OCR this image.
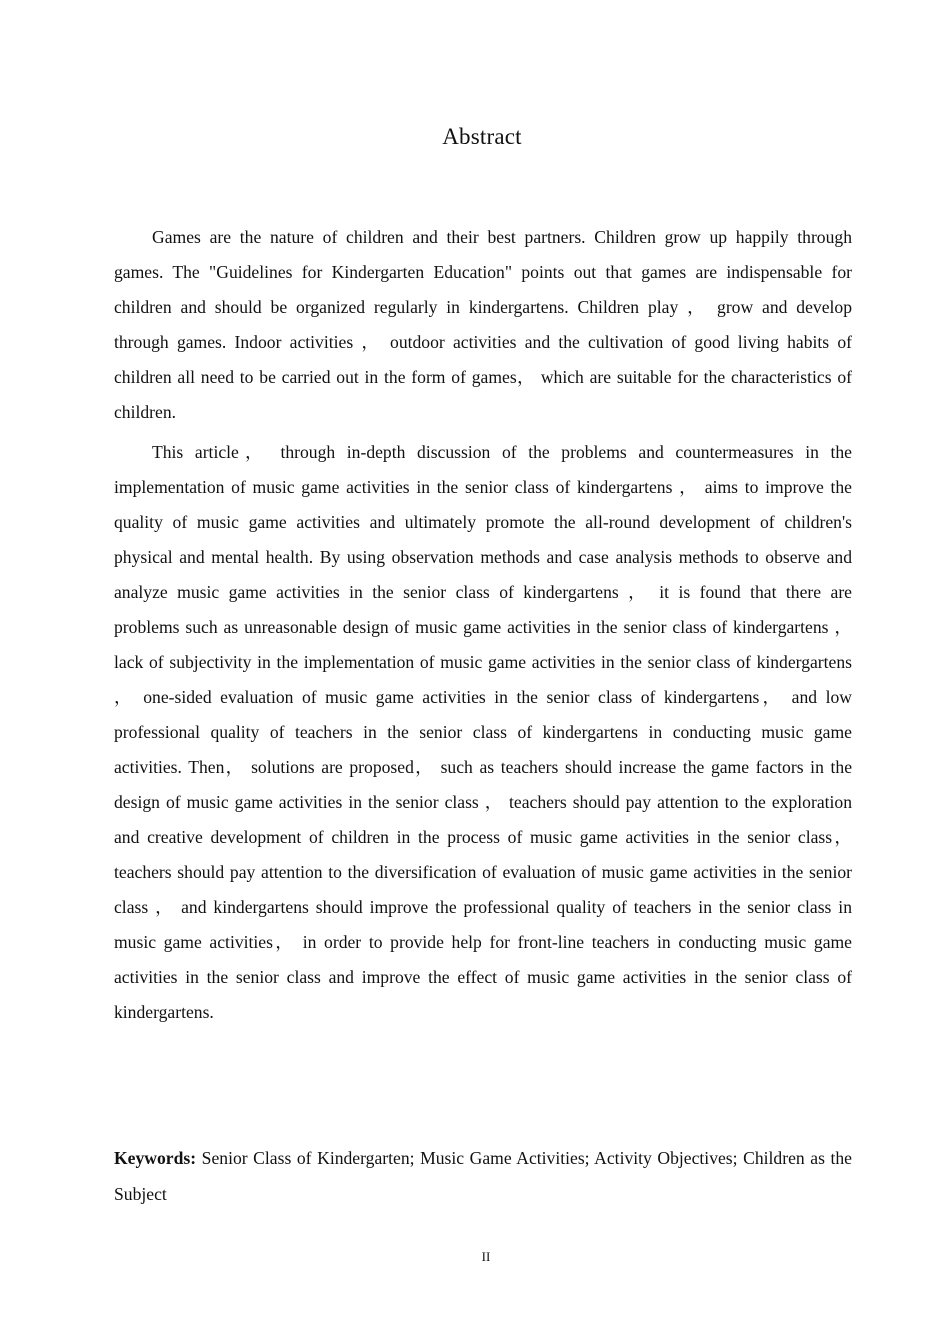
Abstract

Games are the nature of children and their best partners. Children grow up happily through games. The "Guidelines for Kindergarten Education" points out that games are indispensable for children and should be organized regularly in kindergartens. Children play ， grow and develop through games. Indoor activities ， outdoor activities and the cultivation of good living habits of children all need to be carried out in the form of games， which are suitable for the characteristics of children.

This article， through in-depth discussion of the problems and countermeasures in the implementation of music game activities in the senior class of kindergartens ， aims to improve the quality of music game activities and ultimately promote the all-round development of children's physical and mental health. By using observation methods and case analysis methods to observe and analyze music game activities in the senior class of kindergartens ， it is found that there are problems such as unreasonable design of music game activities in the senior class of kindergartens ， lack of subjectivity in the implementation of music game activities in the senior class of kindergartens ， one-sided evaluation of music game activities in the senior class of kindergartens， and low professional quality of teachers in the senior class of kindergartens in conducting music game activities. Then， solutions are proposed， such as teachers should increase the game factors in the design of music game activities in the senior class ， teachers should pay attention to the exploration and creative development of children in the process of music game activities in the senior class， teachers should pay attention to the diversification of evaluation of music game activities in the senior class ， and kindergartens should improve the professional quality of teachers in the senior class in music game activities， in order to provide help for front-line teachers in conducting music game activities in the senior class and improve the effect of music game activities in the senior class of kindergartens.

Keywords: Senior Class of Kindergarten; Music Game Activities; Activity Objectives; Children as the Subject
II
